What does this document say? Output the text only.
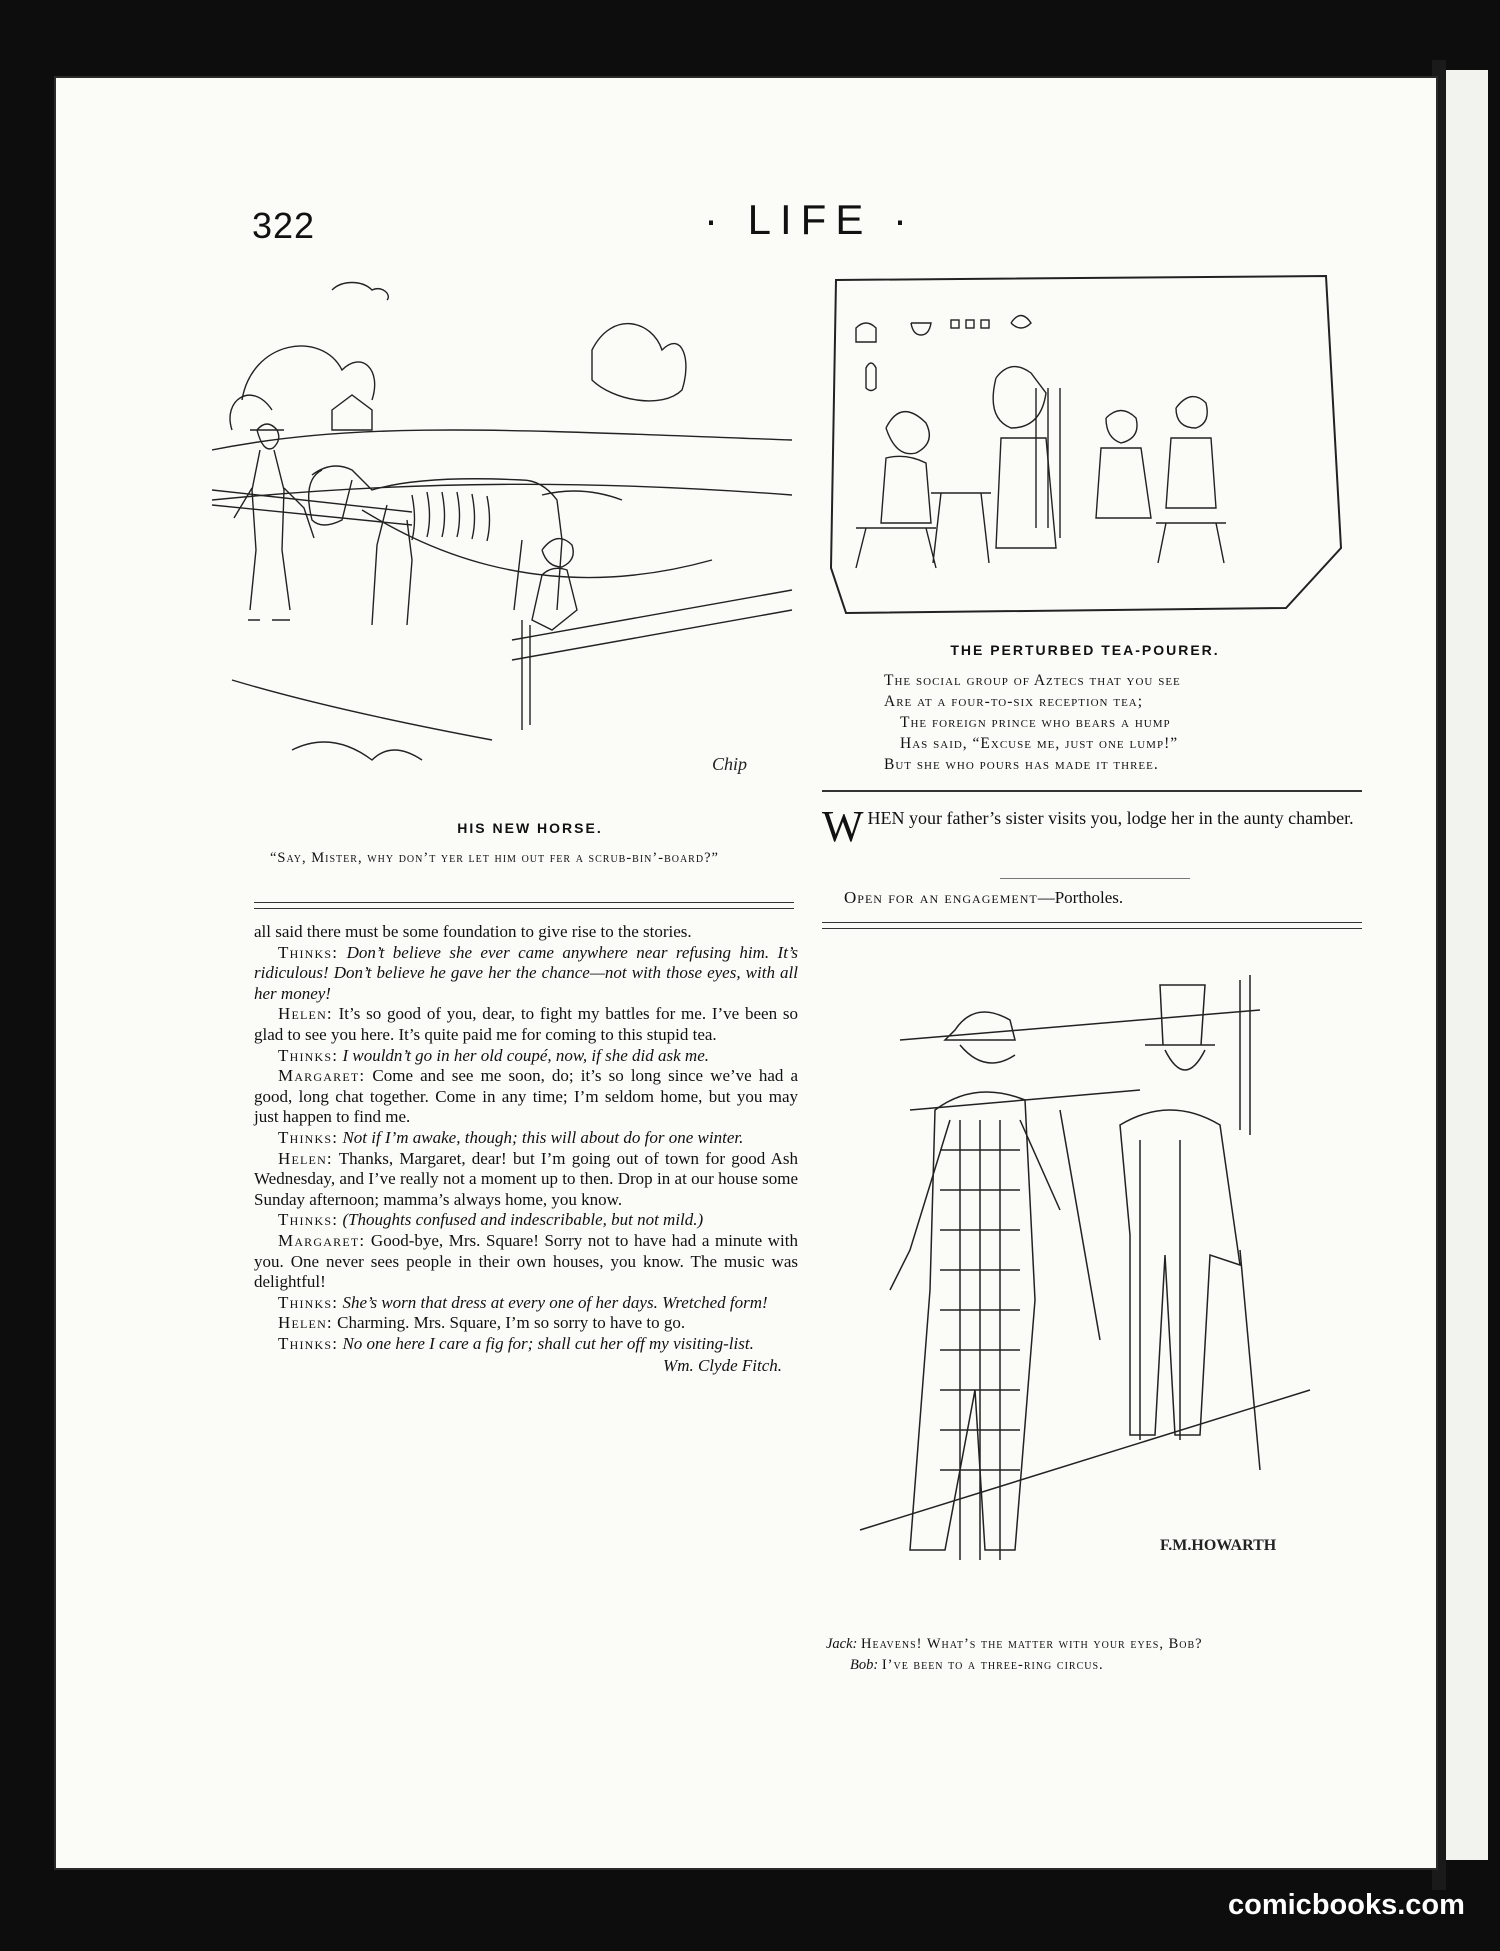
322	· LIFE ·
Chip
HIS NEW HORSE.
“Say, Mister, why don’t yer let him out fer a scrub-bin’-board?”
THE PERTURBED TEA-POURER.
The social group of Aztecs that you see
Are at a four-to-six reception tea;
The foreign prince who bears a hump
Has said, “Excuse me, just one lump!”
But she who pours has made it three.
WHEN your father’s sister visits you, lodge her in the aunty chamber.
Open for an engagement—Portholes.

all said there must be some foundation to give rise to the stories.

Thinks: Don’t believe she ever came anywhere near refusing him. It’s ridiculous! Don’t believe he gave her the chance—not with those eyes, with all her money!

Helen: It’s so good of you, dear, to fight my battles for me. I’ve been so glad to see you here. It’s quite paid me for coming to this stupid tea.

Thinks: I wouldn’t go in her old coupé, now, if she did ask me.

Margaret: Come and see me soon, do; it’s so long since we’ve had a good, long chat together. Come in any time; I’m seldom home, but you may just happen to find me.

Thinks: Not if I’m awake, though; this will about do for one winter.

Helen: Thanks, Margaret, dear! but I’m going out of town for good Ash Wednesday, and I’ve really not a moment up to then. Drop in at our house some Sunday afternoon; mamma’s always home, you know.

Thinks: (Thoughts confused and indescribable, but not mild.)

Margaret: Good-bye, Mrs. Square! Sorry not to have had a minute with you. One never sees people in their own houses, you know. The music was delightful!

Thinks: She’s worn that dress at every one of her days. Wretched form!

Helen: Charming. Mrs. Square, I’m so sorry to have to go.

Thinks: No one here I care a fig for; shall cut her off my visiting-list.

Wm. Clyde Fitch.

F.M.HOWARTH
Jack: Heavens! What’s the matter with your eyes, Bob?
Bob: I’ve been to a three-ring circus.
comicbooks.com
